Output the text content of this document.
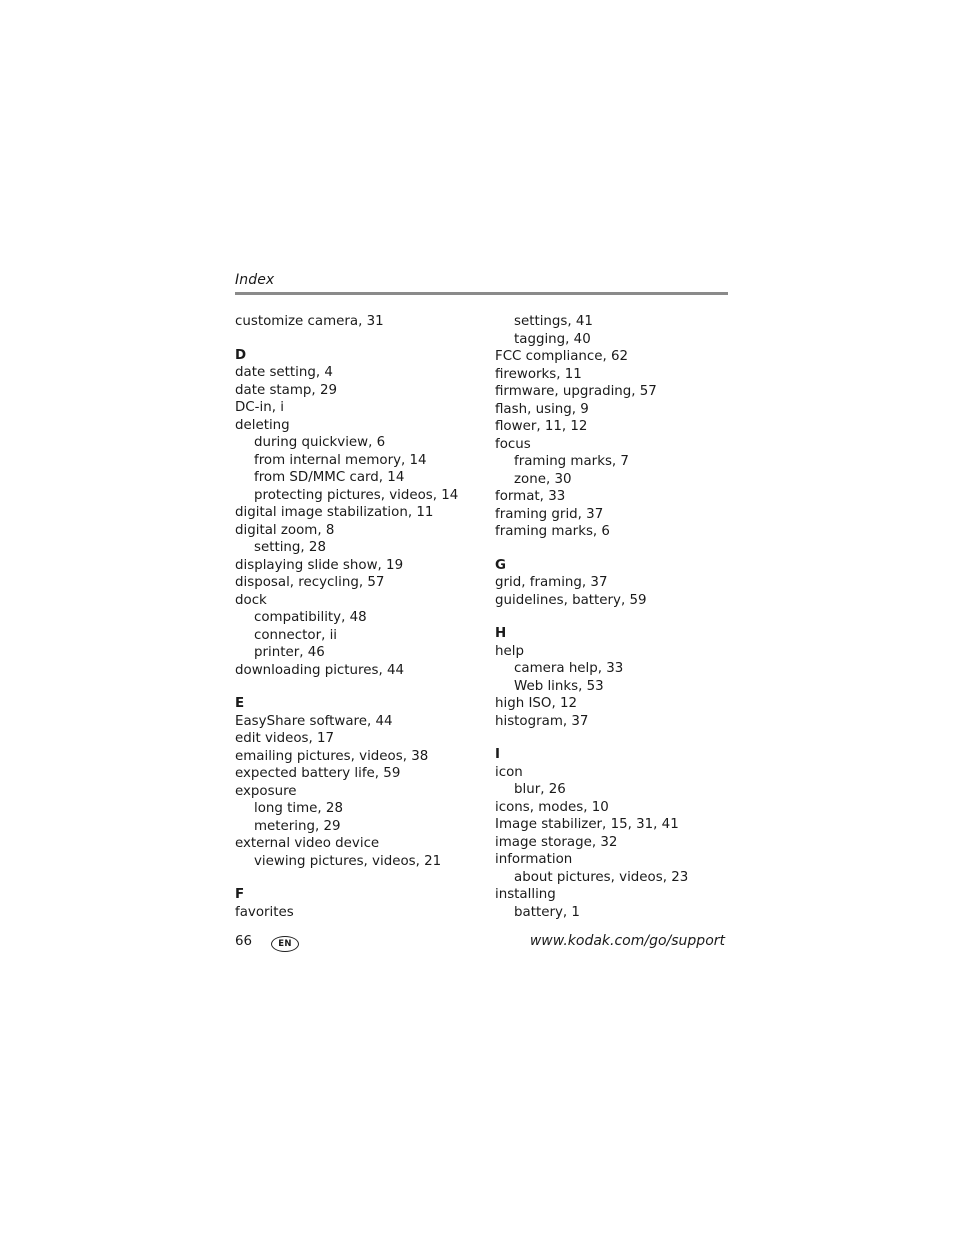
Index
customize camera, 31
D
date setting, 4
date stamp, 29
DC-in, i
deleting
during quickview, 6
from internal memory, 14
from SD/MMC card, 14
protecting pictures, videos, 14
digital image stabilization, 11
digital zoom, 8
setting, 28
displaying slide show, 19
disposal, recycling, 57
dock
compatibility, 48
connector, ii
printer, 46
downloading pictures, 44
E
EasyShare software, 44
edit videos, 17
emailing pictures, videos, 38
expected battery life, 59
exposure
long time, 28
metering, 29
external video device
viewing pictures, videos, 21
F
favorites
settings, 41
tagging, 40
FCC compliance, 62
fireworks, 11
firmware, upgrading, 57
flash, using, 9
flower, 11, 12
focus
framing marks, 7
zone, 30
format, 33
framing grid, 37
framing marks, 6
G
grid, framing, 37
guidelines, battery, 59
H
help
camera help, 33
Web links, 53
high ISO, 12
histogram, 37
I
icon
blur, 26
icons, modes, 10
Image stabilizer, 15, 31, 41
image storage, 32
information
about pictures, videos, 23
installing
battery, 1
66	EN	www.kodak.com/go/support
